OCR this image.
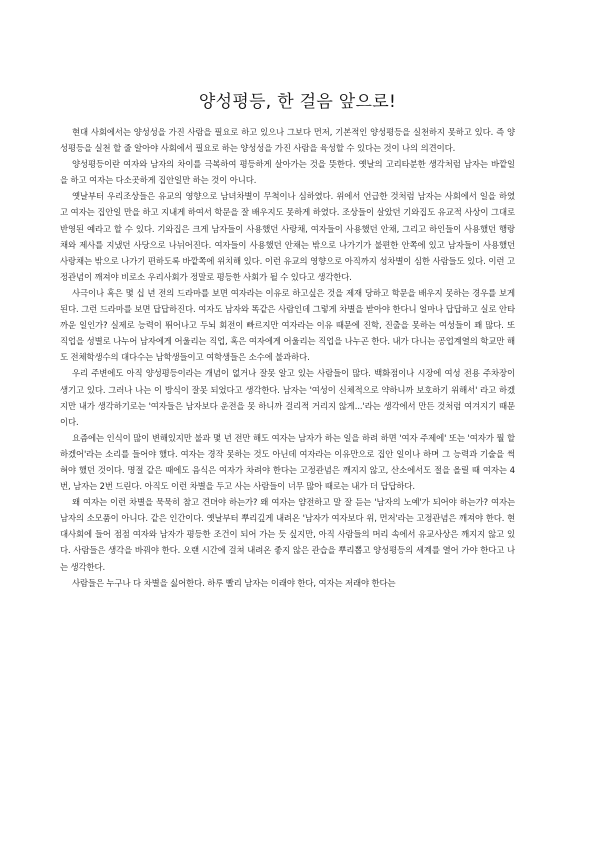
양성평등, 한 걸음 앞으로!

현대 사회에서는 양성성을 가진 사람을 필요로 하고 있으나 그보다 먼저, 기본적인 양성평등을 실천하지 못하고 있다. 즉 양성평등을 실천 할 줄 알아야 사회에서 필요로 하는 양성성을 가진 사람을 육성할 수 있다는 것이 나의 의견이다.

양성평등이란 여자와 남자의 차이를 극복하여 평등하게 살아가는 것을 뜻한다. 옛날의 고리타분한 생각처럼 남자는 바깥일을 하고 여자는 다소곳하게 집안일만 하는 것이 아니다.

옛날부터 우리조상들은 유교의 영향으로 남녀차별이 무척이나 심하였다. 위에서 언급한 것처럼 남자는 사회에서 일을 하였고 여자는 집안일 만을 하고 지내게 하여서 학문을 잘 배우지도 못하게 하였다. 조상들이 살았던 기와집도 유교적 사상이 그대로 반영된 예라고 할 수 있다. 기와집은 크게 남자들이 사용했던 사랑채, 여자들이 사용했던 안채, 그리고 하인들이 사용했던 행랑채와 제사를 지냈던 사당으로 나뉘어진다. 여자들이 사용했던 안채는 밖으로 나가기가 불편한 안쪽에 있고 남자들이 사용했던 사랑채는 밖으로 나가기 편하도록 바깥쪽에 위치해 있다. 이런 유교의 영향으로 아직까지 성차별이 심한 사람들도 있다. 이런 고정관념이 깨져야 비로소 우리사회가 정말로 평등한 사회가 될 수 있다고 생각한다.

사극이나 혹은 몇 십 년 전의 드라마를 보면 여자라는 이유로 하고싶은 것을 제재 당하고 학문을 배우지 못하는 경우를 보게 된다. 그런 드라마를 보면 답답하진다. 여자도 남자와 똑같은 사람인데 그렇게 차별을 받아야 한다니 얼마나 답답하고 실로 안타까운 일인가? 실제로 능력이 뛰어나고 두뇌 회전이 빠르지만 여자라는 이유 때문에 진학, 진출을 못하는 여성들이 꽤 많다. 또 직업을 성별로 나누어 남자에게 어울리는 직업, 혹은 여자에게 어울리는 직업을 나누곤 한다. 내가 다니는 공업계열의 학교만 해도 전체학생수의 대다수는 남학생들이고 여학생들은 소수에 불과하다.

우리 주변에도 아직 양성평등이라는 개념이 없거나 잘못 알고 있는 사람들이 많다. 백화점이나 시장에 여성 전용 주차장이 생기고 있다. 그러나 나는 이 방식이 잘못 되었다고 생각한다. 남자는 '여성이 신체적으로 약하니까 보호하기 위해서' 라고 하겠지만 내가 생각하기로는 '여자들은 남자보다 운전을 못 하니까 걸리적 거리지 않게...'라는 생각에서 만든 것처럼 여겨지기 때문이다.

요즘에는 인식이 많이 변해있지만 불과 몇 년 전만 해도 여자는 남자가 하는 일을 하려 하면 '여자 주제에' 또는 '여자가 뭘 할 하겠어'라는 소리를 들어야 했다. 여자는 경작 못하는 것도 아닌데 여자라는 이유만으로 집안 일이나 하며 그 능력과 기술을 썩혀야 했던 것이다. 명절 같은 때에도 음식은 여자가 차려야 한다는 고정관념은 깨지지 않고, 산소에서도 절을 올릴 때 여자는 4번, 남자는 2번 드린다. 아직도 이런 차별을 두고 사는 사람들이 너무 많아 때로는 내가 더 답답하다.

왜 여자는 이런 차별을 묵묵히 참고 견뎌야 하는가? 왜 여자는 얌전하고 말 잘 듣는 '남자의 노예'가 되어야 하는가? 여자는 남자의 소모품이 아니다. 같은 인간이다. 옛날부터 뿌리깊게 내려온 '남자가 여자보다 위, 먼저'라는 고정관념은 깨져야 한다. 현대사회에 들어 점점 여자와 남자가 평등한 조건이 되어 가는 듯 싶지만, 아직 사람들의 머리 속에서 유교사상은 깨지지 않고 있다. 사람들은 생각을 바꿔야 한다. 오랜 시간에 걸쳐 내려온 좋지 않은 관습을 뿌리뽑고 양성평등의 세계를 열어 가야 한다고 나는 생각한다.

사람들은 누구나 다 차별을 싫어한다. 하루 빨리 남자는 이래야 한다, 여자는 저래야 한다는
